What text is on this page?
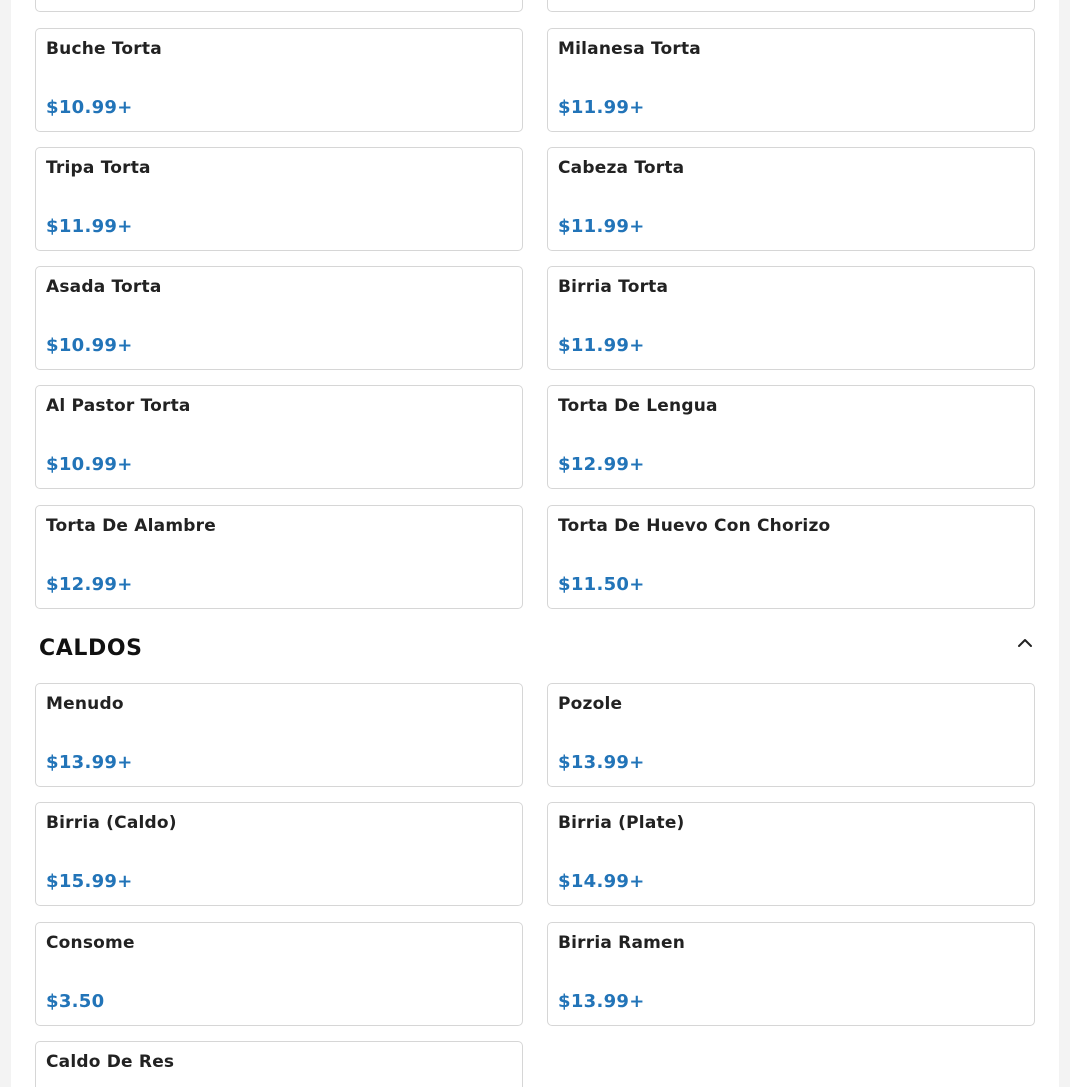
Buche Torta
$10.99+
Milanesa Torta
$11.99+
Tripa Torta
$11.99+
Cabeza Torta
$11.99+
Asada Torta
$10.99+
Birria Torta
$11.99+
Al Pastor Torta
$10.99+
Torta De Lengua
$12.99+
Torta De Alambre
$12.99+
Torta De Huevo Con Chorizo
$11.50+
CALDOS
Menudo
$13.99+
Pozole
$13.99+
Birria (Caldo)
$15.99+
Birria (Plate)
$14.99+
Consome
$3.50
Birria Ramen
$13.99+
Caldo De Res
